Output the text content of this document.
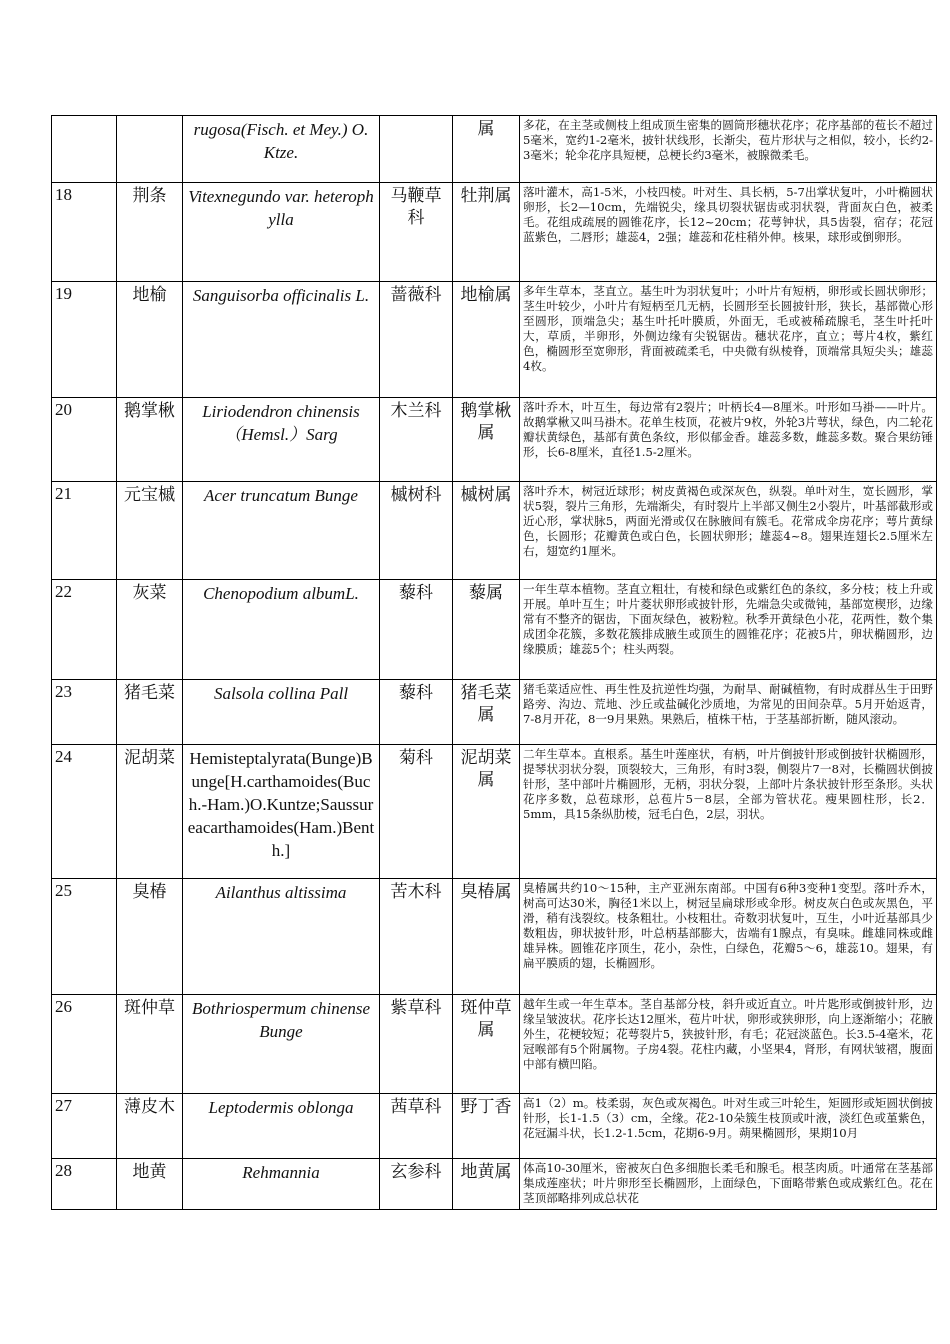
		rugosa(Fisch. et Mey.) O. Ktze.		属	多花，在主茎或侧枝上组成顶生密集的圆筒形穗状花序；花序基部的苞长不超过5毫米，宽约1-2毫米，披针状线形，长渐尖，苞片形状与之相似，较小，长约2-3毫米；轮伞花序具短梗，总梗长约3毫米，被腺微柔毛。
18	荆条	Vitexnegundo var. heterophylla	马鞭草科	牡荆属	落叶灌木，高1-5米，小枝四棱。叶对生、具长柄，5-7出掌状复叶，小叶椭圆状卵形，长2—10cm，先端锐尖，缘具切裂状锯齿或羽状裂，背面灰白色，被柔毛。花组成疏展的圆锥花序，长12~20cm；花萼钟状，具5齿裂，宿存；花冠蓝紫色，二唇形；雄蕊4，2强；雄蕊和花柱稍外伸。核果，球形或倒卵形。
19	地榆	Sanguisorba officinalis L.	蔷薇科	地榆属	多年生草本，茎直立。基生叶为羽状复叶；小叶片有短柄，卵形或长圆状卵形；茎生叶较少，小叶片有短柄至几无柄，长圆形至长圆披针形，狭长，基部微心形至圆形，顶端急尖；基生叶托叶膜质，外面无，毛或被稀疏腺毛，茎生叶托叶大，草质，半卵形，外侧边缘有尖锐锯齿。穗状花序，直立；萼片4枚，紫红色，椭圆形至宽卵形，背面被疏柔毛，中央微有纵棱脊，顶端常具短尖头；雄蕊4枚。
20	鹅掌楸	Liriodendron chinensis （Hemsl.）Sarg	木兰科	鹅掌楸属	落叶乔木，叶互生，每边常有2裂片；叶柄长4—8厘米。叶形如马褂——叶片。故鹅掌楸又叫马褂木。花单生枝顶，花被片9枚，外轮3片萼状，绿色，内二轮花瓣状黄绿色，基部有黄色条纹，形似郁金香。雄蕊多数，雌蕊多数。聚合果纺锤形，长6-8厘米，直径1.5-2厘米。
21	元宝槭	Acer truncatum Bunge	槭树科	槭树属	落叶乔木，树冠近球形；树皮黄褐色或深灰色，纵裂。单叶对生，宽长圆形，掌状5裂，裂片三角形，先端渐尖，有时裂片上半部又侧生2小裂片，叶基部截形或近心形，掌状脉5，两面光滑或仅在脉腋间有簇毛。花常成伞房花序；萼片黄绿色，长圆形；花瓣黄色或白色，长圆状卵形；雄蕊4~8。翅果连翅长2.5厘米左右，翅宽约1厘米。
22	灰菜	Chenopodium albumL.	藜科	藜属	一年生草本植物。茎直立粗壮，有棱和绿色或紫红色的条纹，多分枝；枝上升或开展。单叶互生；叶片菱状卵形或披针形，先端急尖或微钝，基部宽楔形，边缘常有不整齐的锯齿，下面灰绿色，被粉粒。秋季开黄绿色小花，花两性，数个集成团伞花簇，多数花簇排成腋生或顶生的圆锥花序；花被5片，卵状椭圆形，边缘膜质；雄蕊5个；柱头两裂。
23	猪毛菜	Salsola collina Pall	藜科	猪毛菜属	猪毛菜适应性、再生性及抗逆性均强，为耐旱、耐碱植物，有时成群丛生于田野路旁、沟边、荒地、沙丘或盐碱化沙质地，为常见的田间杂草。5月开始返青，7-8月开花，8一9月果熟。果熟后，植株干枯，于茎基部折断，随风滚动。
24	泥胡菜	Hemisteptalyrata(Bunge)Bunge[H.carthamoides(Buch.-Ham.)O.Kuntze;Saussureacarthamoides(Ham.)Benth.]	菊科	泥胡菜属	二年生草本。直根系。基生叶莲座状，有柄，叶片倒披针形或倒披针状椭圆形，提琴状羽状分裂，顶裂较大，三角形，有时3裂，侧裂片7一8对，长椭圆状倒披针形，茎中部叶片椭圆形，无柄，羽状分裂，上部叶片条状披针形至条形。头状花序多数，总苞球形，总苞片5－8层，全部为管状花。瘦果圆柱形，长2．5mm，具15条纵肋棱，冠毛白色，2层，羽状。
25	臭椿	Ailanthus altissima	苦木科	臭椿属	臭椿属共约10～15种，主产亚洲东南部。中国有6种3变种1变型。落叶乔木，树高可达30米，胸径1米以上，树冠呈扁球形或伞形。树皮灰白色或灰黑色，平滑，稍有浅裂纹。枝条粗壮。小枝粗壮。奇数羽状复叶，互生，小叶近基部具少数粗齿，卵状披针形，叶总柄基部膨大，齿端有1腺点，有臭味。雌雄同株或雌雄异株。圆锥花序顶生，花小，杂性，白绿色，花瓣5～6，雄蕊10。翅果，有扁平膜质的翅，长椭圆形。
26	斑仲草	Bothriospermum chinense Bunge	紫草科	斑仲草属	越年生或一年生草本。茎自基部分枝，斜升或近直立。叶片匙形或倒披针形，边缘呈皱波状。花序长达12厘米，苞片叶状，卵形或狭卵形，向上逐渐缩小；花腋外生，花梗较短；花萼裂片5，狭披针形，有毛；花冠淡蓝色。长3.5-4毫米，花冠喉部有5个附属物。子房4裂。花柱内藏，小坚果4，肾形，有网状皱褶，腹面中部有横凹陷。
27	薄皮木	Leptodermis oblonga	茜草科	野丁香	高1（2）m。枝柔弱，灰色或灰褐色。叶对生或三叶轮生，矩圆形或矩圆状倒披针形，长1-1.5（3）cm，全缘。花2-10朵簇生枝顶或叶液，淡红色或堇紫色，花冠漏斗状，长1.2-1.5cm，花期6-9月。蒴果椭圆形，果期10月
28	地黄	Rehmannia	玄参科	地黄属	体高10-30厘米，密被灰白色多细胞长柔毛和腺毛。根茎肉质。叶通常在茎基部集成莲座状；叶片卵形至长椭圆形，上面绿色，下面略带紫色或成紫红色。花在茎顶部略排列成总状花
